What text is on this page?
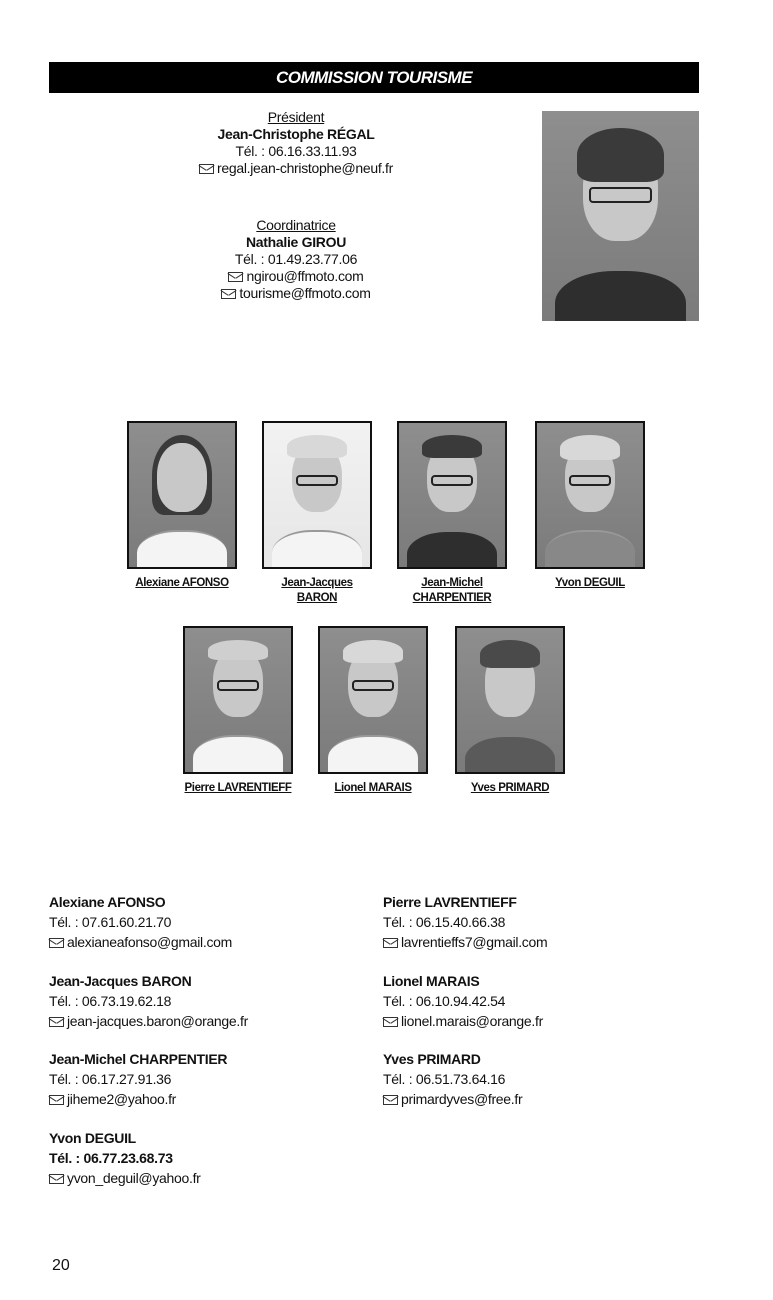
COMMISSION TOURISME
Président
Jean-Christophe RÉGAL
Tél. : 06.16.33.11.93
regal.jean-christophe@neuf.fr
Coordinatrice
Nathalie GIROU
Tél. : 01.49.23.77.06
ngirou@ffmoto.com
tourisme@ffmoto.com
Alexiane AFONSO	Jean-Jacques
BARON
Jean-Michel
CHARPENTIER
Yvon DEGUIL
Pierre LAVRENTIEFF	Lionel MARAIS	Yves PRIMARD
Alexiane AFONSO
Tél. : 07.61.60.21.70
alexianeafonso@gmail.com
Jean-Jacques BARON
Tél. : 06.73.19.62.18
jean-jacques.baron@orange.fr
Jean-Michel CHARPENTIER
Tél. : 06.17.27.91.36
jiheme2@yahoo.fr
Yvon DEGUIL
Tél. : 06.77.23.68.73
yvon_deguil@yahoo.fr
Pierre LAVRENTIEFF
Tél. : 06.15.40.66.38
lavrentieffs7@gmail.com
Lionel MARAIS
Tél. : 06.10.94.42.54
lionel.marais@orange.fr
Yves PRIMARD
Tél. : 06.51.73.64.16
primardyves@free.fr
20
